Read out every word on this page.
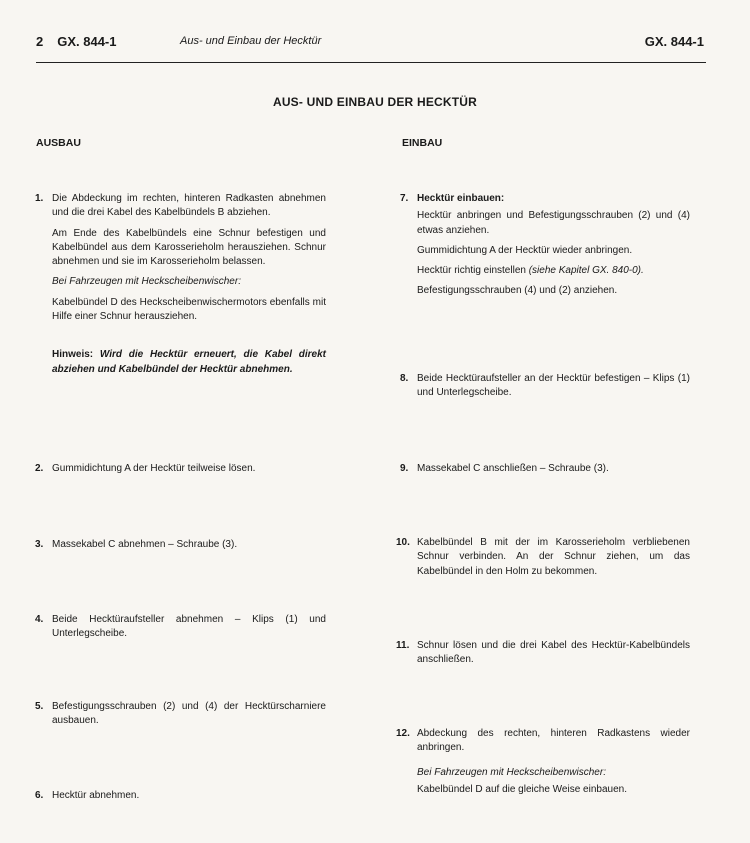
2 GX. 844-1	Aus- und Einbau der Hecktür	GX. 844-1
AUS- UND EINBAU DER HECKTÜR
AUSBAU
1. Die Abdeckung im rechten, hinteren Radkasten abnehmen und die drei Kabel des Kabelbündels B abziehen.

Am Ende des Kabelbündels eine Schnur befestigen und Kabelbündel aus dem Karosserieholm herausziehen. Schnur abnehmen und sie im Karosserieholm belassen.

Bei Fahrzeugen mit Heckscheibenwischer:

Kabelbündel D des Heckscheibenwischermotors ebenfalls mit Hilfe einer Schnur herausziehen.

Hinweis: Wird die Hecktür erneuert, die Kabel direkt abziehen und Kabelbündel der Hecktür abnehmen.

2. Gummidichtung A der Hecktür teilweise lösen.

3. Massekabel C abnehmen – Schraube (3).

4. Beide Hecktüraufsteller abnehmen – Klips (1) und Unterlegscheibe.

5. Befestigungsschrauben (2) und (4) der Hecktürscharniere ausbauen.

6. Hecktür abnehmen.

EINBAU
7. Hecktür einbauen:

Hecktür anbringen und Befestigungsschrauben (2) und (4) etwas anziehen.

Gummidichtung A der Hecktür wieder anbringen.

Hecktür richtig einstellen (siehe Kapitel GX. 840-0).

Befestigungsschrauben (4) und (2) anziehen.

8. Beide Hecktüraufsteller an der Hecktür befestigen – Klips (1) und Unterlegscheibe.

9. Massekabel C anschließen – Schraube (3).

10. Kabelbündel B mit der im Karosserieholm verbliebenen Schnur verbinden. An der Schnur ziehen, um das Kabelbündel in den Holm zu bekommen.

11. Schnur lösen und die drei Kabel des Hecktür-Kabelbündels anschließen.

12. Abdeckung des rechten, hinteren Radkastens wieder anbringen.

Bei Fahrzeugen mit Heckscheibenwischer:

Kabelbündel D auf die gleiche Weise einbauen.
